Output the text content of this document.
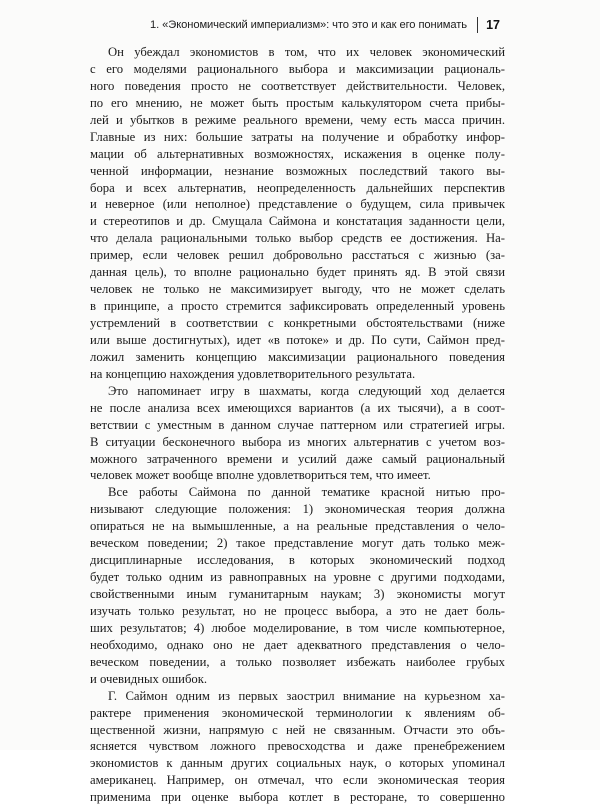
1. «Экономический империализм»: что это и как его понимать 17
Он убеждал экономистов в том, что их человек экономический
с его моделями рационального выбора и максимизации рациональ-
ного поведения просто не соответствует действительности. Человек,
по его мнению, не может быть простым калькулятором счета прибы-
лей и убытков в режиме реального времени, чему есть масса причин.
Главные из них: большие затраты на получение и обработку инфор-
мации об альтернативных возможностях, искажения в оценке полу-
ченной информации, незнание возможных последствий такого вы-
бора и всех альтернатив, неопределенность дальнейших перспектив
и неверное (или неполное) представление о будущем, сила привычек
и стереотипов и др. Смущала Саймона и констатация заданности цели,
что делала рациональными только выбор средств ее достижения. На-
пример, если человек решил добровольно расстаться с жизнью (за-
данная цель), то вполне рационально будет принять яд. В этой связи
человек не только не максимизирует выгоду, что не может сделать
в принципе, а просто стремится зафиксировать определенный уровень
устремлений в соответствии с конкретными обстоятельствами (ниже
или выше достигнутых), идет «в потоке» и др. По сути, Саймон пред-
ложил заменить концепцию максимизации рационального поведения
на концепцию нахождения удовлетворительного результата.
Это напоминает игру в шахматы, когда следующий ход делается
не после анализа всех имеющихся вариантов (а их тысячи), а в соот-
ветствии с уместным в данном случае паттерном или стратегией игры.
В ситуации бесконечного выбора из многих альтернатив с учетом воз-
можного затраченного времени и усилий даже самый рациональный
человек может вообще вполне удовлетвориться тем, что имеет.
Все работы Саймона по данной тематике красной нитью про-
низывают следующие положения: 1) экономическая теория должна
опираться не на вымышленные, а на реальные представления о чело-
веческом поведении; 2) такое представление могут дать только меж-
дисциплинарные исследования, в которых экономический подход
будет только одним из равноправных на уровне с другими подходами,
свойственными иным гуманитарным наукам; 3) экономисты могут
изучать только результат, но не процесс выбора, а это не дает боль-
ших результатов; 4) любое моделирование, в том числе компьютерное,
необходимо, однако оно не дает адекватного представления о чело-
веческом поведении, а только позволяет избежать наиболее грубых
и очевидных ошибок.
Г. Саймон одним из первых заострил внимание на курьезном ха-
рактере применения экономической терминологии к явлениям об-
щественной жизни, напрямую с ней не связанным. Отчасти это объ-
ясняется чувством ложного превосходства и даже пренебрежением
экономистов к данным других социальных наук, о которых упоминал
американец. Например, он отмечал, что если экономическая теория
применима при оценке выбора котлет в ресторане, то совершенно
